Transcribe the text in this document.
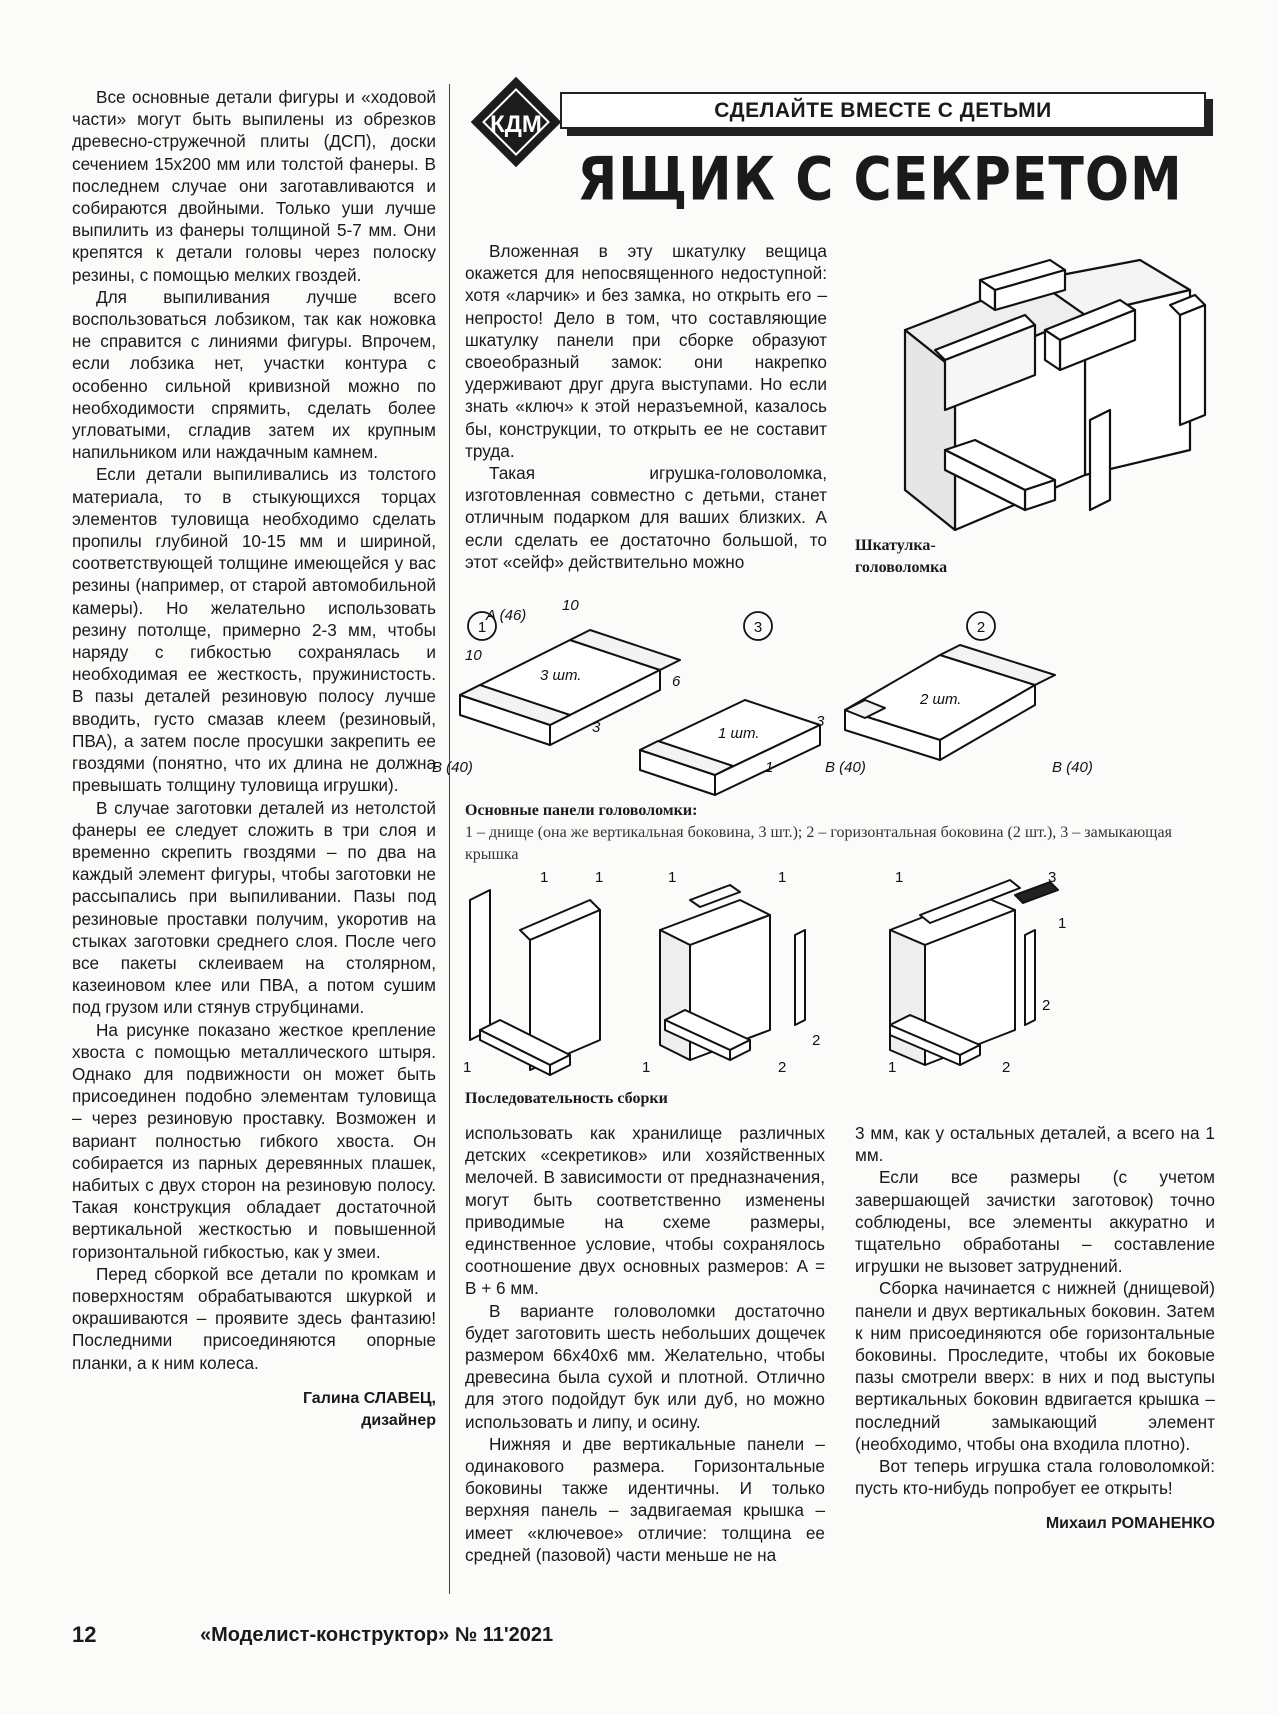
Все основные детали фигуры и «ходовой части» могут быть выпилены из обрезков древесно-стружечной плиты (ДСП), доски сечением 15х200 мм или толстой фанеры. В последнем случае они заготавливаются и собираются двойными. Только уши лучше выпилить из фанеры толщиной 5-7 мм. Они крепятся к детали головы через полоску резины, с помощью мелких гвоздей.

Для выпиливания лучше всего воспользоваться лобзиком, так как ножовка не справится с линиями фигуры. Впрочем, если лобзика нет, участки контура с особенно сильной кривизной можно по необходимости спрямить, сделать более угловатыми, сгладив затем их крупным напильником или наждачным камнем.

Если детали выпиливались из толстого материала, то в стыкующихся торцах элементов туловища необходимо сделать пропилы глубиной 10-15 мм и шириной, соответствующей толщине имеющейся у вас резины (например, от старой автомобильной камеры). Но желательно использовать резину потолще, примерно 2-3 мм, чтобы наряду с гибкостью сохранялась и необходимая ее жесткость, пружинистость. В пазы деталей резиновую полосу лучше вводить, густо смазав клеем (резиновый, ПВА), а затем после просушки закрепить ее гвоздями (понятно, что их длина не должна превышать толщину туловища игрушки).

В случае заготовки деталей из нетолстой фанеры ее следует сложить в три слоя и временно скрепить гвоздями – по два на каждый элемент фигуры, чтобы заготовки не рассыпались при выпиливании. Пазы под резиновые проставки получим, укоротив на стыках заготовки среднего слоя. После чего все пакеты склеиваем на столярном, казеиновом клее или ПВА, а потом сушим под грузом или стянув струбцинами.

На рисунке показано жесткое крепление хвоста с помощью металлического штыря. Однако для подвижности он может быть присоединен подобно элементам туловища – через резиновую проставку. Возможен и вариант полностью гибкого хвоста. Он собирается из парных деревянных плашек, набитых с двух сторон на резиновую полосу. Такая конструкция обладает достаточной вертикальной жесткостью и повышенной горизонтальной гибкостью, как у змеи.

Перед сборкой все детали по кромкам и поверхностям обрабатываются шкуркой и окрашиваются – проявите здесь фантазию! Последними присоединяются опорные планки, а к ним колеса.

Галина СЛАВЕЦ,
дизайнер
КДМ
СДЕЛАЙТЕ ВМЕСТЕ С ДЕТЬМИ
ЯЩИК С СЕКРЕТОМ

Вложенная в эту шкатулку вещица окажется для непосвященного недоступной: хотя «ларчик» и без замка, но открыть его – непросто! Дело в том, что составляющие шкатулку панели при сборке образуют своеобразный замок: они накрепко удерживают друг друга выступами. Но если знать «ключ» к этой неразъемной, казалось бы, конструкции, то открыть ее не составит труда.

Такая игрушка-головоломка, изготовленная совместно с детьми, станет отличным подарком для ваших близких. А если сделать ее достаточно большой, то этот «сейф» действительно можно

Шкатулка-
головоломка
1	3	2
A (46)
10
10
3 шт.	6
3
B (40)
1 шт.
1
2 шт.
3
B (40)	B (40)
Основные панели головоломки:
1 – днище (она же вертикальная боковина, 3 шт.); 2 – горизонтальная боковина (2 шт.), 3 – замыкающая крышка
1	1
1
1	1
1
2
2
1	3
1
2
1	2
Последовательность сборки

использовать как хранилище различных детских «секретиков» или хозяйственных мелочей. В зависимости от предназначения, могут быть соответственно изменены приводимые на схеме размеры, единственное условие, чтобы сохранялось соотношение двух основных размеров: A = B + 6 мм.

В варианте головоломки достаточно будет заготовить шесть небольших дощечек размером 66х40х6 мм. Желательно, чтобы древесина была сухой и плотной. Отлично для этого подойдут бук или дуб, но можно использовать и липу, и осину.

Нижняя и две вертикальные панели – одинакового размера. Горизонтальные боковины также идентичны. И только верхняя панель – задвигаемая крышка – имеет «ключевое» отличие: толщина ее средней (пазовой) части меньше не на

3 мм, как у остальных деталей, а всего на 1 мм.

Если все размеры (с учетом завершающей зачистки заготовок) точно соблюдены, все элементы аккуратно и тщательно обработаны – составление игрушки не вызовет затруднений.

Сборка начинается с нижней (днищевой) панели и двух вертикальных боковин. Затем к ним присоединяются обе горизонтальные боковины. Проследите, чтобы их боковые пазы смотрели вверх: в них и под выступы вертикальных боковин вдвигается крышка – последний замыкающий элемент (необходимо, чтобы она входила плотно).

Вот теперь игрушка стала головоломкой: пусть кто-нибудь попробует ее открыть!

Михаил РОМАНЕНКО
12	«Моделист-конструктор» № 11'2021
